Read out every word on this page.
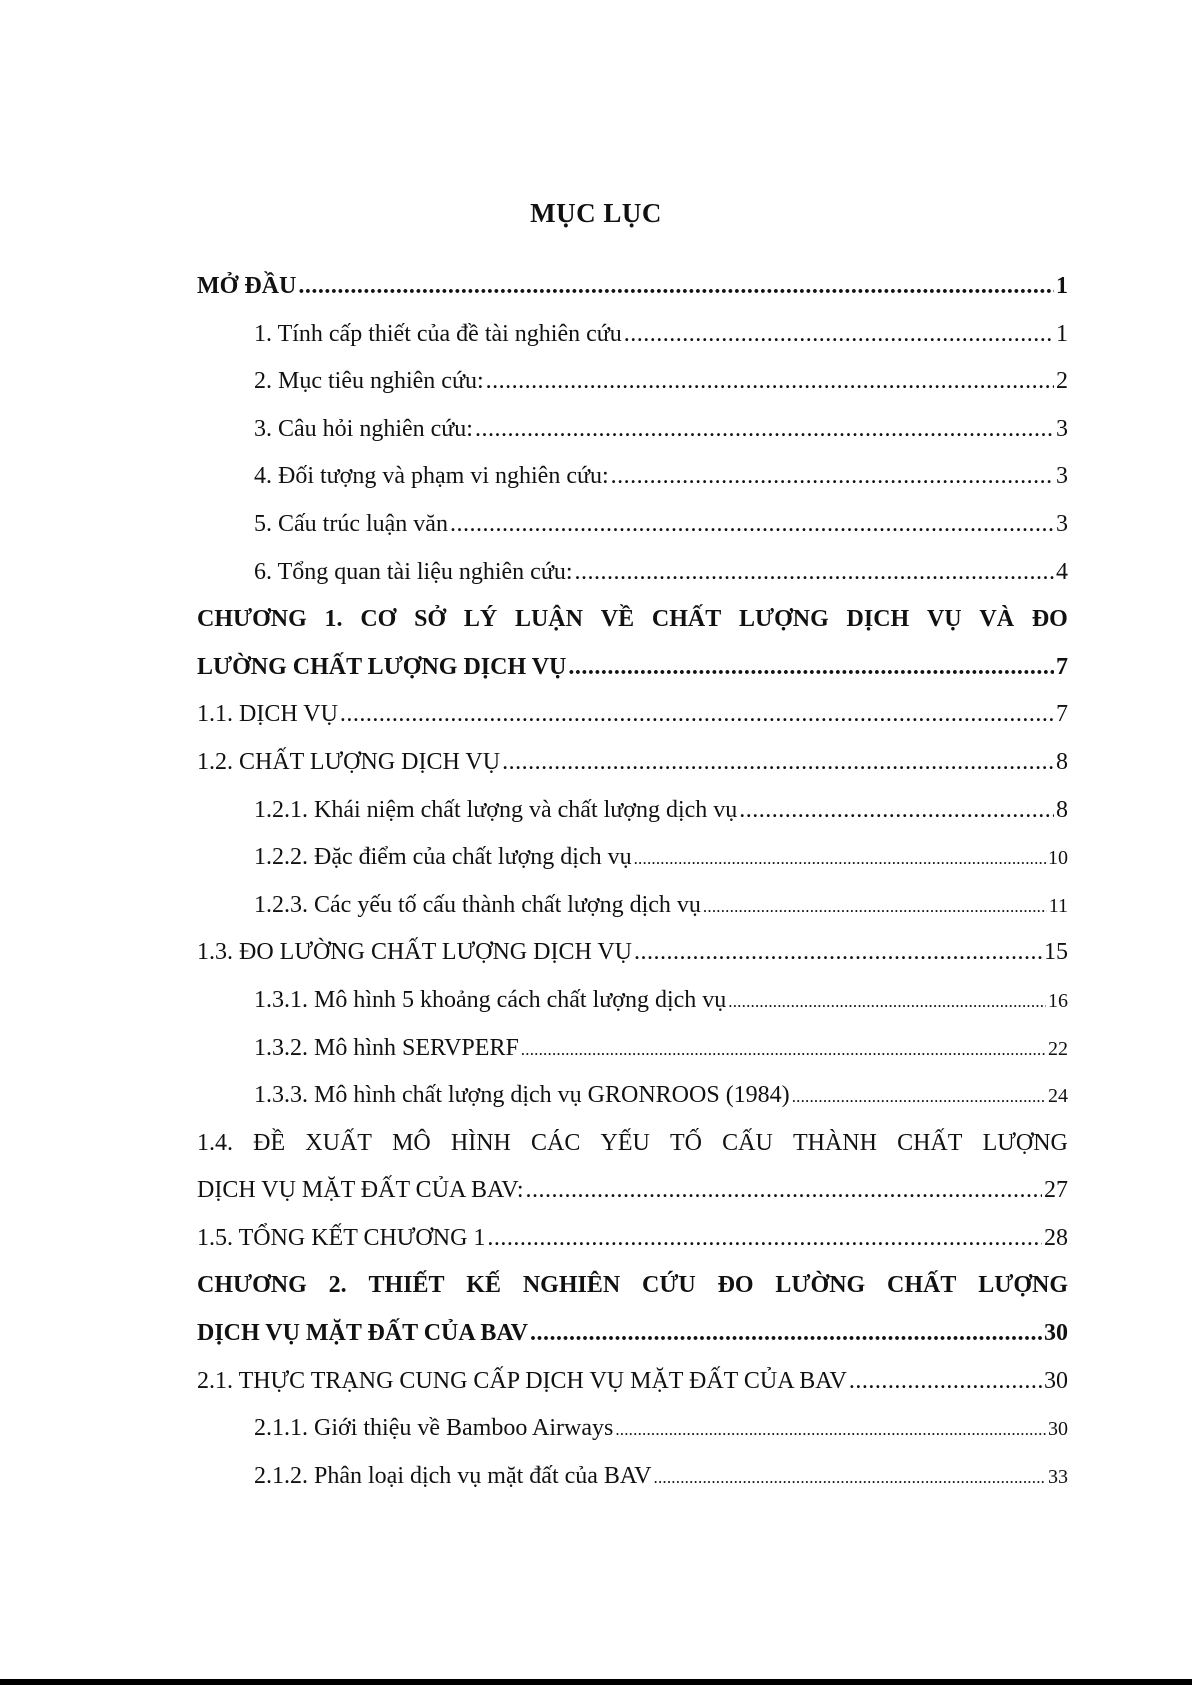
MỤC LỤC
MỞ ĐẦU .....	1
1. Tính cấp thiết của đề tài nghiên cứu .....	1
2. Mục tiêu nghiên cứu: .....	2
3. Câu hỏi nghiên cứu: .....	3
4. Đối tượng và phạm vi nghiên cứu: .....	3
5. Cấu trúc luận văn .....	3
6. Tổng quan tài liệu nghiên cứu: .....	4
CHƯƠNG 1. CƠ SỞ LÝ LUẬN VỀ CHẤT LƯỢNG DỊCH VỤ VÀ ĐO
LƯỜNG CHẤT LƯỢNG DỊCH VỤ .....	7
1.1. DỊCH VỤ .....	7
1.2. CHẤT LƯỢNG DỊCH VỤ .....	8
1.2.1. Khái niệm chất lượng và chất lượng dịch vụ .....	8
1.2.2. Đặc điểm của chất lượng dịch vụ .....	10
1.2.3. Các yếu tố cấu thành chất lượng dịch vụ .....	11
1.3. ĐO LƯỜNG CHẤT LƯỢNG DỊCH VỤ .....	15
1.3.1. Mô hình 5 khoảng cách chất lượng dịch vụ .....	16
1.3.2. Mô hình SERVPERF .....	22
1.3.3. Mô hình chất lượng dịch vụ GRONROOS (1984) .....	24
1.4. ĐỀ XUẤT MÔ HÌNH CÁC YẾU TỐ CẤU THÀNH CHẤT LƯỢNG
DỊCH VỤ MẶT ĐẤT CỦA BAV: .....	27
1.5. TỔNG KẾT CHƯƠNG 1 .....	28
CHƯƠNG 2. THIẾT KẾ NGHIÊN CỨU ĐO LƯỜNG CHẤT LƯỢNG
DỊCH VỤ MẶT ĐẤT CỦA BAV .....	30
2.1. THỰC TRẠNG CUNG CẤP DỊCH VỤ MẶT ĐẤT CỦA BAV .....	30
2.1.1. Giới thiệu về Bamboo Airways .....	30
2.1.2. Phân loại dịch vụ mặt đất của BAV .....	33
